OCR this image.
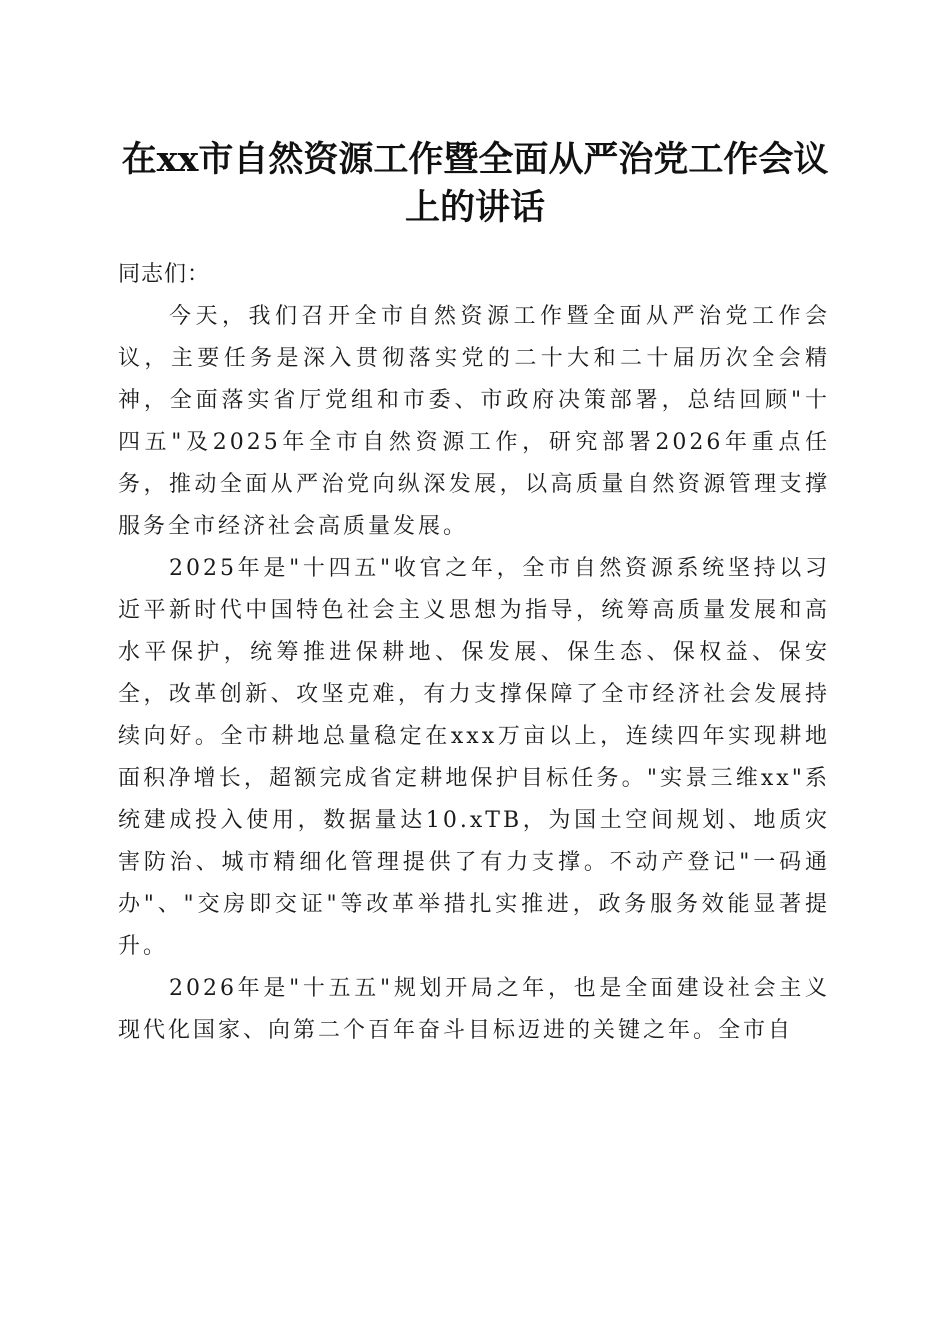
在xx市自然资源工作暨全面从严治党工作会议上的讲话

同志们：

今天，我们召开全市自然资源工作暨全面从严治党工作会议，主要任务是深入贯彻落实党的二十大和二十届历次全会精神，全面落实省厅党组和市委、市政府决策部署，总结回顾"十四五"及2025年全市自然资源工作，研究部署2026年重点任务，推动全面从严治党向纵深发展，以高质量自然资源管理支撑服务全市经济社会高质量发展。

2025年是"十四五"收官之年，全市自然资源系统坚持以习近平新时代中国特色社会主义思想为指导，统筹高质量发展和高水平保护，统筹推进保耕地、保发展、保生态、保权益、保安全，改革创新、攻坚克难，有力支撑保障了全市经济社会发展持续向好。全市耕地总量稳定在xxx万亩以上，连续四年实现耕地面积净增长，超额完成省定耕地保护目标任务。"实景三维xx"系统建成投入使用，数据量达10.xTB，为国土空间规划、地质灾害防治、城市精细化管理提供了有力支撑。不动产登记"一码通办"、"交房即交证"等改革举措扎实推进，政务服务效能显著提升。

2026年是"十五五"规划开局之年，也是全面建设社会主义现代化国家、向第二个百年奋斗目标迈进的关键之年。全市自
